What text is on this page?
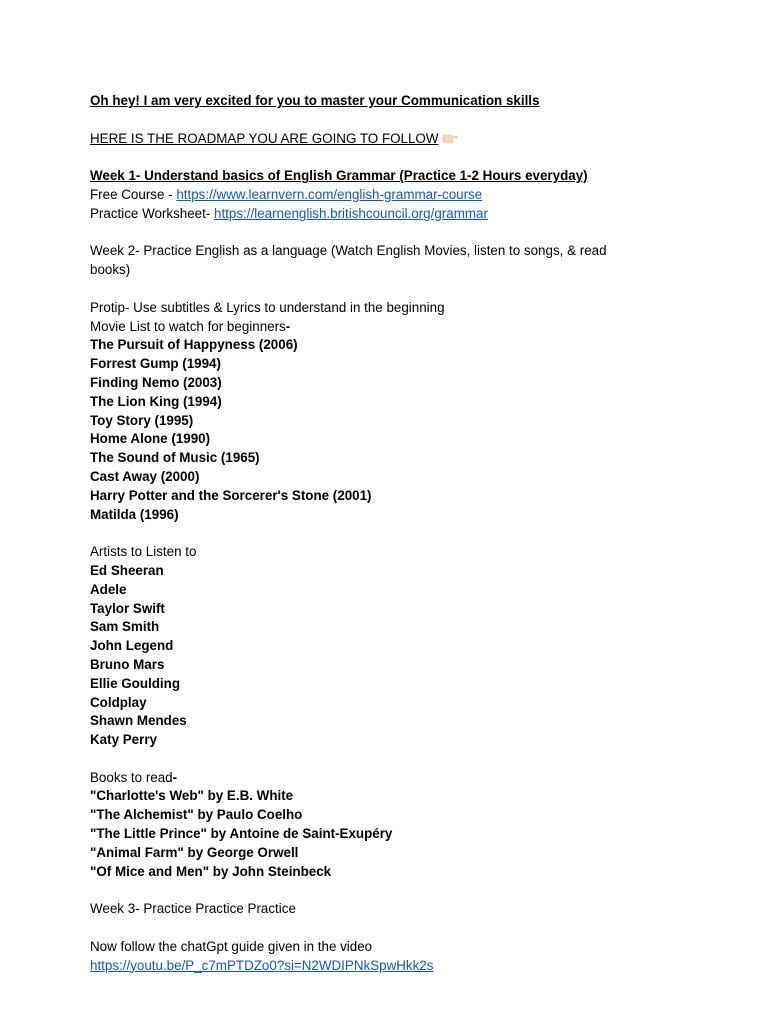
Oh hey! I am very excited for you to master your Communication skills
HERE IS THE ROADMAP YOU ARE GOING TO FOLLOW
Week 1- Understand basics of English Grammar (Practice 1-2 Hours everyday)
Free Course - https://www.learnvern.com/english-grammar-course
Practice Worksheet- https://learnenglish.britishcouncil.org/grammar
Week 2- Practice English as a language (Watch English Movies, listen to songs, & read books)
Protip- Use subtitles & Lyrics to understand in the beginning
Movie List to watch for beginners-
The Pursuit of Happyness (2006)
Forrest Gump (1994)
Finding Nemo (2003)
The Lion King (1994)
Toy Story (1995)
Home Alone (1990)
The Sound of Music (1965)
Cast Away (2000)
Harry Potter and the Sorcerer's Stone (2001)
Matilda (1996)
Artists to Listen to
Ed Sheeran
Adele
Taylor Swift
Sam Smith
John Legend
Bruno Mars
Ellie Goulding
Coldplay
Shawn Mendes
Katy Perry
Books to read-
"Charlotte's Web" by E.B. White
"The Alchemist" by Paulo Coelho
"The Little Prince" by Antoine de Saint-Exupéry
"Animal Farm" by George Orwell
"Of Mice and Men" by John Steinbeck
Week 3- Practice Practice Practice
Now follow the chatGpt guide given in the video
https://youtu.be/P_c7mPTDZo0?si=N2WDIPNkSpwHkk2s
